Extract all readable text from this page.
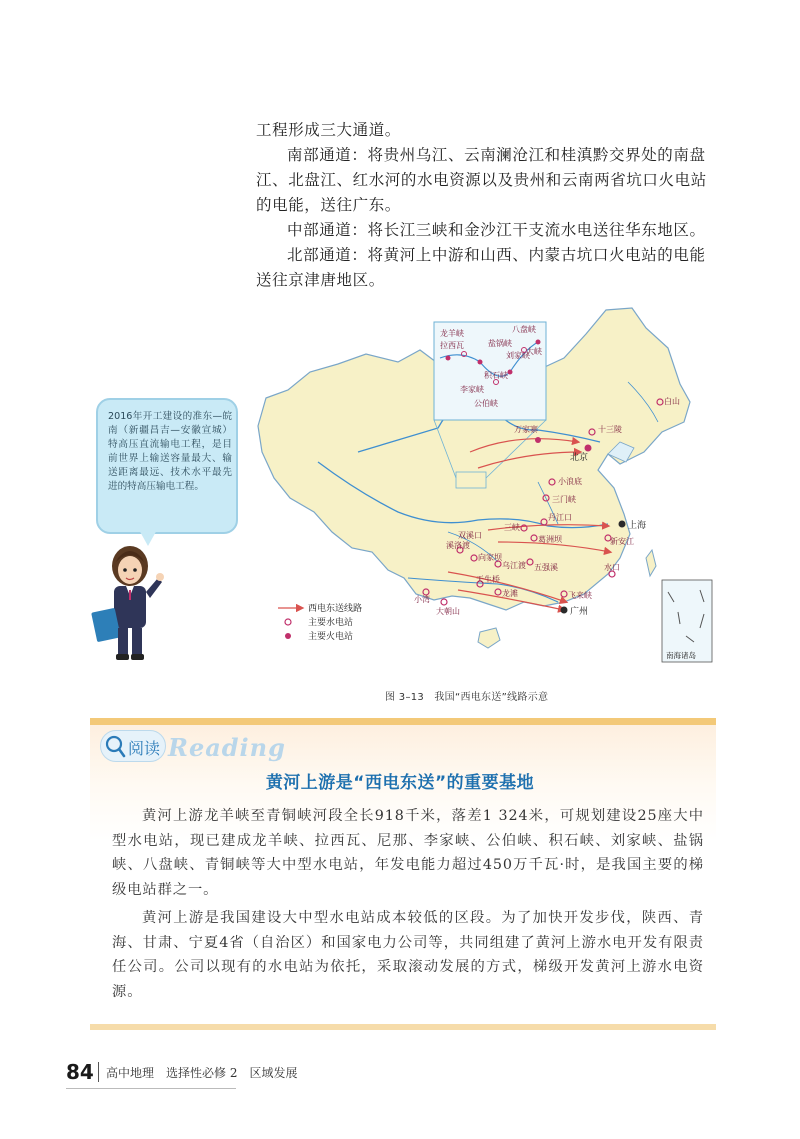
工程形成三大通道。

南部通道：将贵州乌江、云南澜沧江和桂滇黔交界处的南盘江、北盘江、红水河的水电资源以及贵州和云南两省坑口火电站的电能，送往广东。

中部通道：将长江三峡和金沙江干支流水电送往华东地区。

北部通道：将黄河上中游和山西、内蒙古坑口火电站的电能送往京津唐地区。

龙羊峡
拉西瓦
李家峡
公伯峡
积石峡
刘家峡
盐锅峡
八盘峡
大峡
万家寨	十三陵
北京
白山
小浪底
三门峡
三峡
丹江口
葛洲坝
上海
新安江
五强溪
溪洛渡
向家坝
乌江渡
小湾
大朝山
天生桥
龙滩
水口
飞来峡
广州
双溪口
南海诸岛
西电东送线路
主要水电站
主要火电站

2016年开工建设的准东—皖南（新疆昌吉—安徽宣城）特高压直流输电工程，是目前世界上输送容量最大、输送距离最远、技术水平最先进的特高压输电工程。

图 3–13　我国“西电东送”线路示意

阅读 Reading
黄河上游是“西电东送”的重要基地

黄河上游龙羊峡至青铜峡河段全长918千米，落差1 324米，可规划建设25座大中型水电站，现已建成龙羊峡、拉西瓦、尼那、李家峡、公伯峡、积石峡、刘家峡、盐锅峡、八盘峡、青铜峡等大中型水电站，年发电能力超过450万千瓦·时，是我国主要的梯级电站群之一。

黄河上游是我国建设大中型水电站成本较低的区段。为了加快开发步伐，陕西、青海、甘肃、宁夏4省（自治区）和国家电力公司等，共同组建了黄河上游水电开发有限责任公司。公司以现有的水电站为依托，采取滚动发展的方式，梯级开发黄河上游水电资源。

84 高中地理　选择性必修 2　区域发展
